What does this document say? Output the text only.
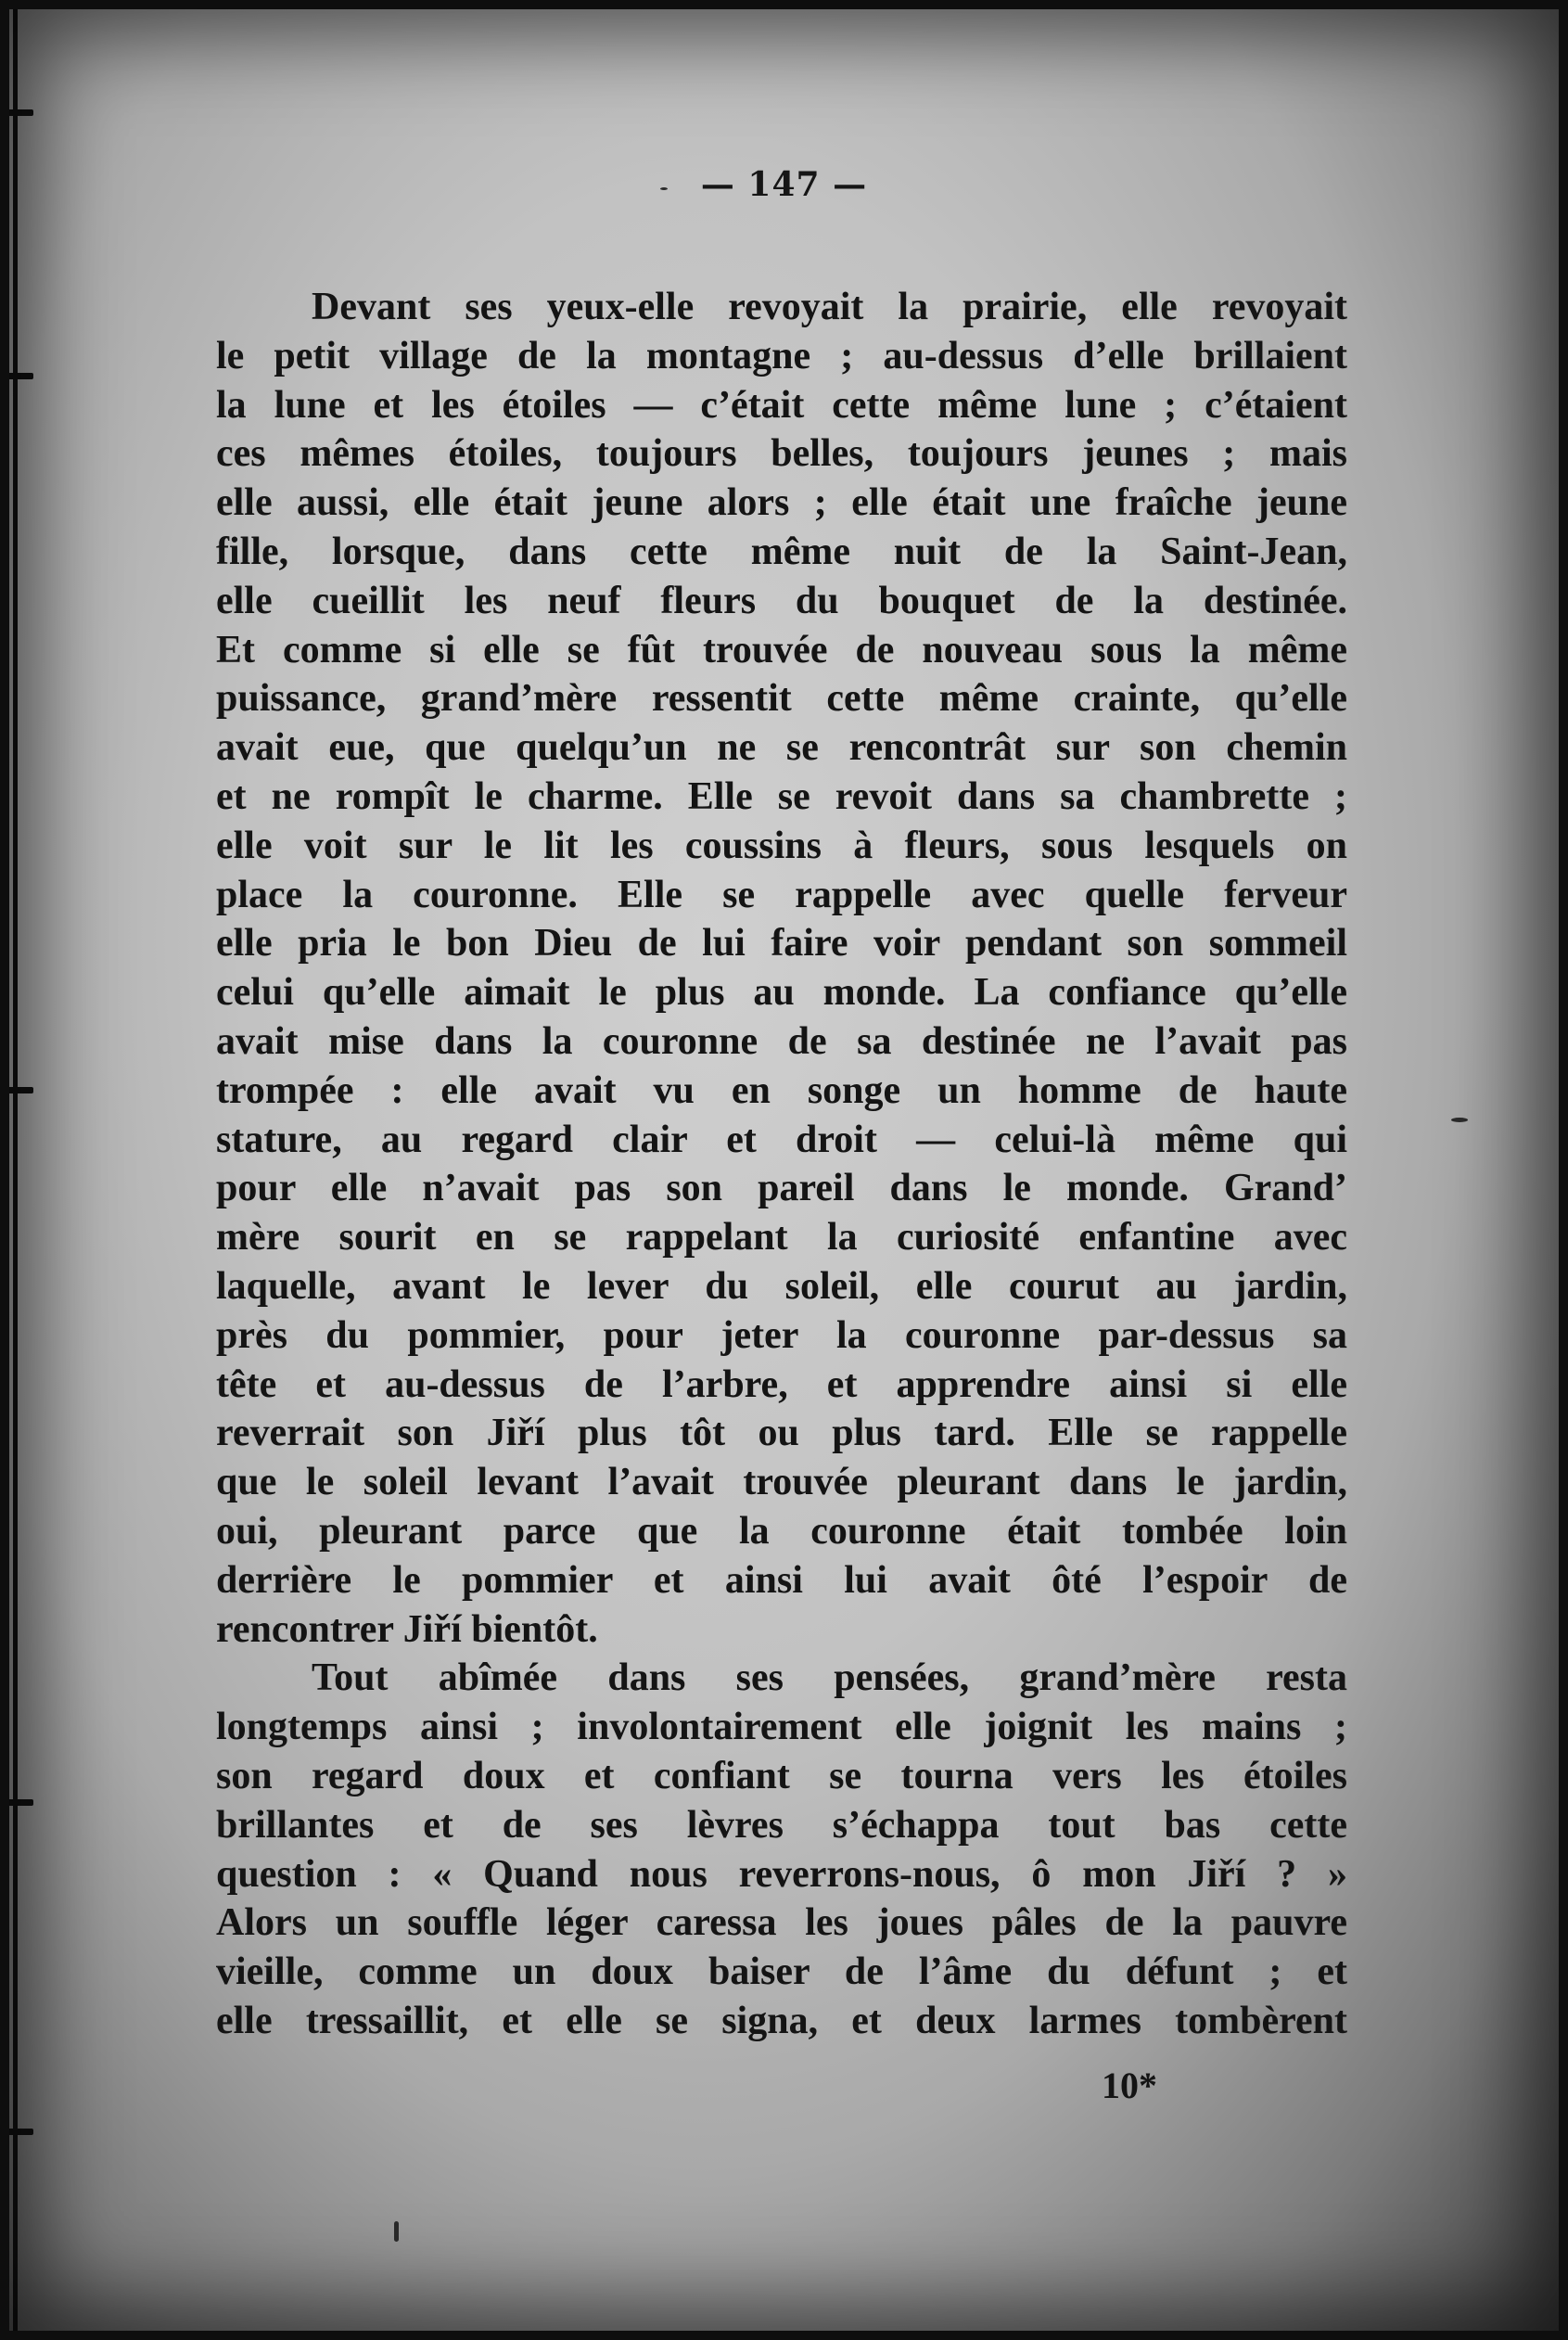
— 147 —
Devant ses yeux-elle revoyait la prairie, elle revoyait
le petit village de la montagne ; au-dessus d’elle brillaient
la lune et les étoiles — c’était cette même lune ; c’étaient
ces mêmes étoiles, toujours belles, toujours jeunes ; mais
elle aussi, elle était jeune alors ; elle était une fraîche jeune
fille, lorsque, dans cette même nuit de la Saint-Jean,
elle cueillit les neuf fleurs du bouquet de la destinée.
Et comme si elle se fût trouvée de nouveau sous la même
puissance, grand’mère ressentit cette même crainte, qu’elle
avait eue, que quelqu’un ne se rencontrât sur son chemin
et ne rompît le charme. Elle se revoit dans sa chambrette ;
elle voit sur le lit les coussins à fleurs, sous lesquels on
place la couronne. Elle se rappelle avec quelle ferveur
elle pria le bon Dieu de lui faire voir pendant son sommeil
celui qu’elle aimait le plus au monde. La confiance qu’elle
avait mise dans la couronne de sa destinée ne l’avait pas
trompée : elle avait vu en songe un homme de haute
stature, au regard clair et droit — celui-là même qui
pour elle n’avait pas son pareil dans le monde. Grand’
mère sourit en se rappelant la curiosité enfantine avec
laquelle, avant le lever du soleil, elle courut au jardin,
près du pommier, pour jeter la couronne par-dessus sa
tête et au-dessus de l’arbre, et apprendre ainsi si elle
reverrait son Jiří plus tôt ou plus tard. Elle se rappelle
que le soleil levant l’avait trouvée pleurant dans le jardin,
oui, pleurant parce que la couronne était tombée loin
derrière le pommier et ainsi lui avait ôté l’espoir de
rencontrer Jiří bientôt.
Tout abîmée dans ses pensées, grand’mère resta
longtemps ainsi ; involontairement elle joignit les mains ;
son regard doux et confiant se tourna vers les étoiles
brillantes et de ses lèvres s’échappa tout bas cette
question : « Quand nous reverrons-nous, ô mon Jiří ? »
Alors un souffle léger caressa les joues pâles de la pauvre
vieille, comme un doux baiser de l’âme du défunt ; et
elle tressaillit, et elle se signa, et deux larmes tombèrent
10*
